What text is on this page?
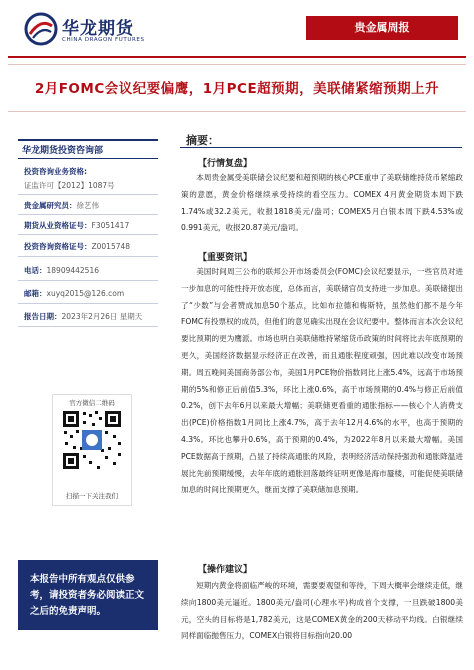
华龙期货
CHINA DRAGON FUTURES
贵金属周报
2月FOMC会议纪要偏鹰，1月PCE超预期，美联储紧缩预期上升
华龙期货投资咨询部
投资咨询业务资格:
证监许可【2012】1087号
贵金属研究员：徐艺伟
期货从业资格证号：F3051417
投资咨询资格证号：Z0015748
电话：18909442516
邮箱：xuyq2015@126.com
报告日期：2023年2月26日 星期天
官方微信二维码
扫描一下关注我们
本报告中所有观点仅供参考，请投资者务必阅读正文之后的免责声明。
摘要：
【行情复盘】
本周贵金属受美联储会议纪要和超预期的核心PCE重申了美联储维持货币紧缩政策的意愿，黄金价格继续承受持续的看空压力。COMEX 4月黄金期货本周下跌1.74%或32.2美元，收报1818美元/盎司；COMEX5月白银本周下跌4.53%或0.991美元，收报20.87美元/盎司。
【重要资讯】
美国时间周三公布的联邦公开市场委员会(FOMC)会议纪要显示，一些官员对进一步加息的可能性持开放态度，总体而言，美联储官员支持进一步加息。美联储提出了“少数”与会者赞成加息50个基点，比如布拉德和梅斯特，虽然他们都不是今年FOMC有投票权的成员，但他们的意见确实出现在会议纪要中。整体而言本次会议纪要比预期的更为鹰派。市场也明白美联储维持紧缩货币政策的时间将比去年底预期的更久，美国经济数据显示经济正在改善，而且通胀程度顽强，因此难以改变市场预期。周五晚间美国商务部公布，美国1月PCE物价指数同比上涨5.4%，远高于市场预期的5%和修正后前值5.3%，环比上涨0.6%，高于市场预期的0.4%与修正后前值0.2%，创下去年6月以来最大增幅；美联储更看重的通胀指标——核心个人消费支出(PCE)价格指数1月同比上涨4.7%，高于去年12月4.6%的水平，也高于预期的4.3%。环比也攀升0.6%，高于预期的0.4%，为2022年8月以来最大增幅。美国PCE数据高于预期，凸显了持续高通胀的风险，表明经济活动保持强劲和通胀降温进展比先前预期缓慢，去年年底的通胀回落最终证明更像是海市蜃楼，可能促使美联储加息的时间比预期更久，继而支撑了美联储加息预期。
【操作建议】
短期内黄金将面临严峻的环境，需要要观望和等待，下周大概率会继续走低，继续向1800美元逼近。1800美元/盎司(心理水平)构成首个支撑，一旦跌破1800美元，空头的目标将是1,782美元，这是COMEX黄金的200天移动平均线。白银继续同样面临抛售压力，COMEX白银将目标指向20.00
